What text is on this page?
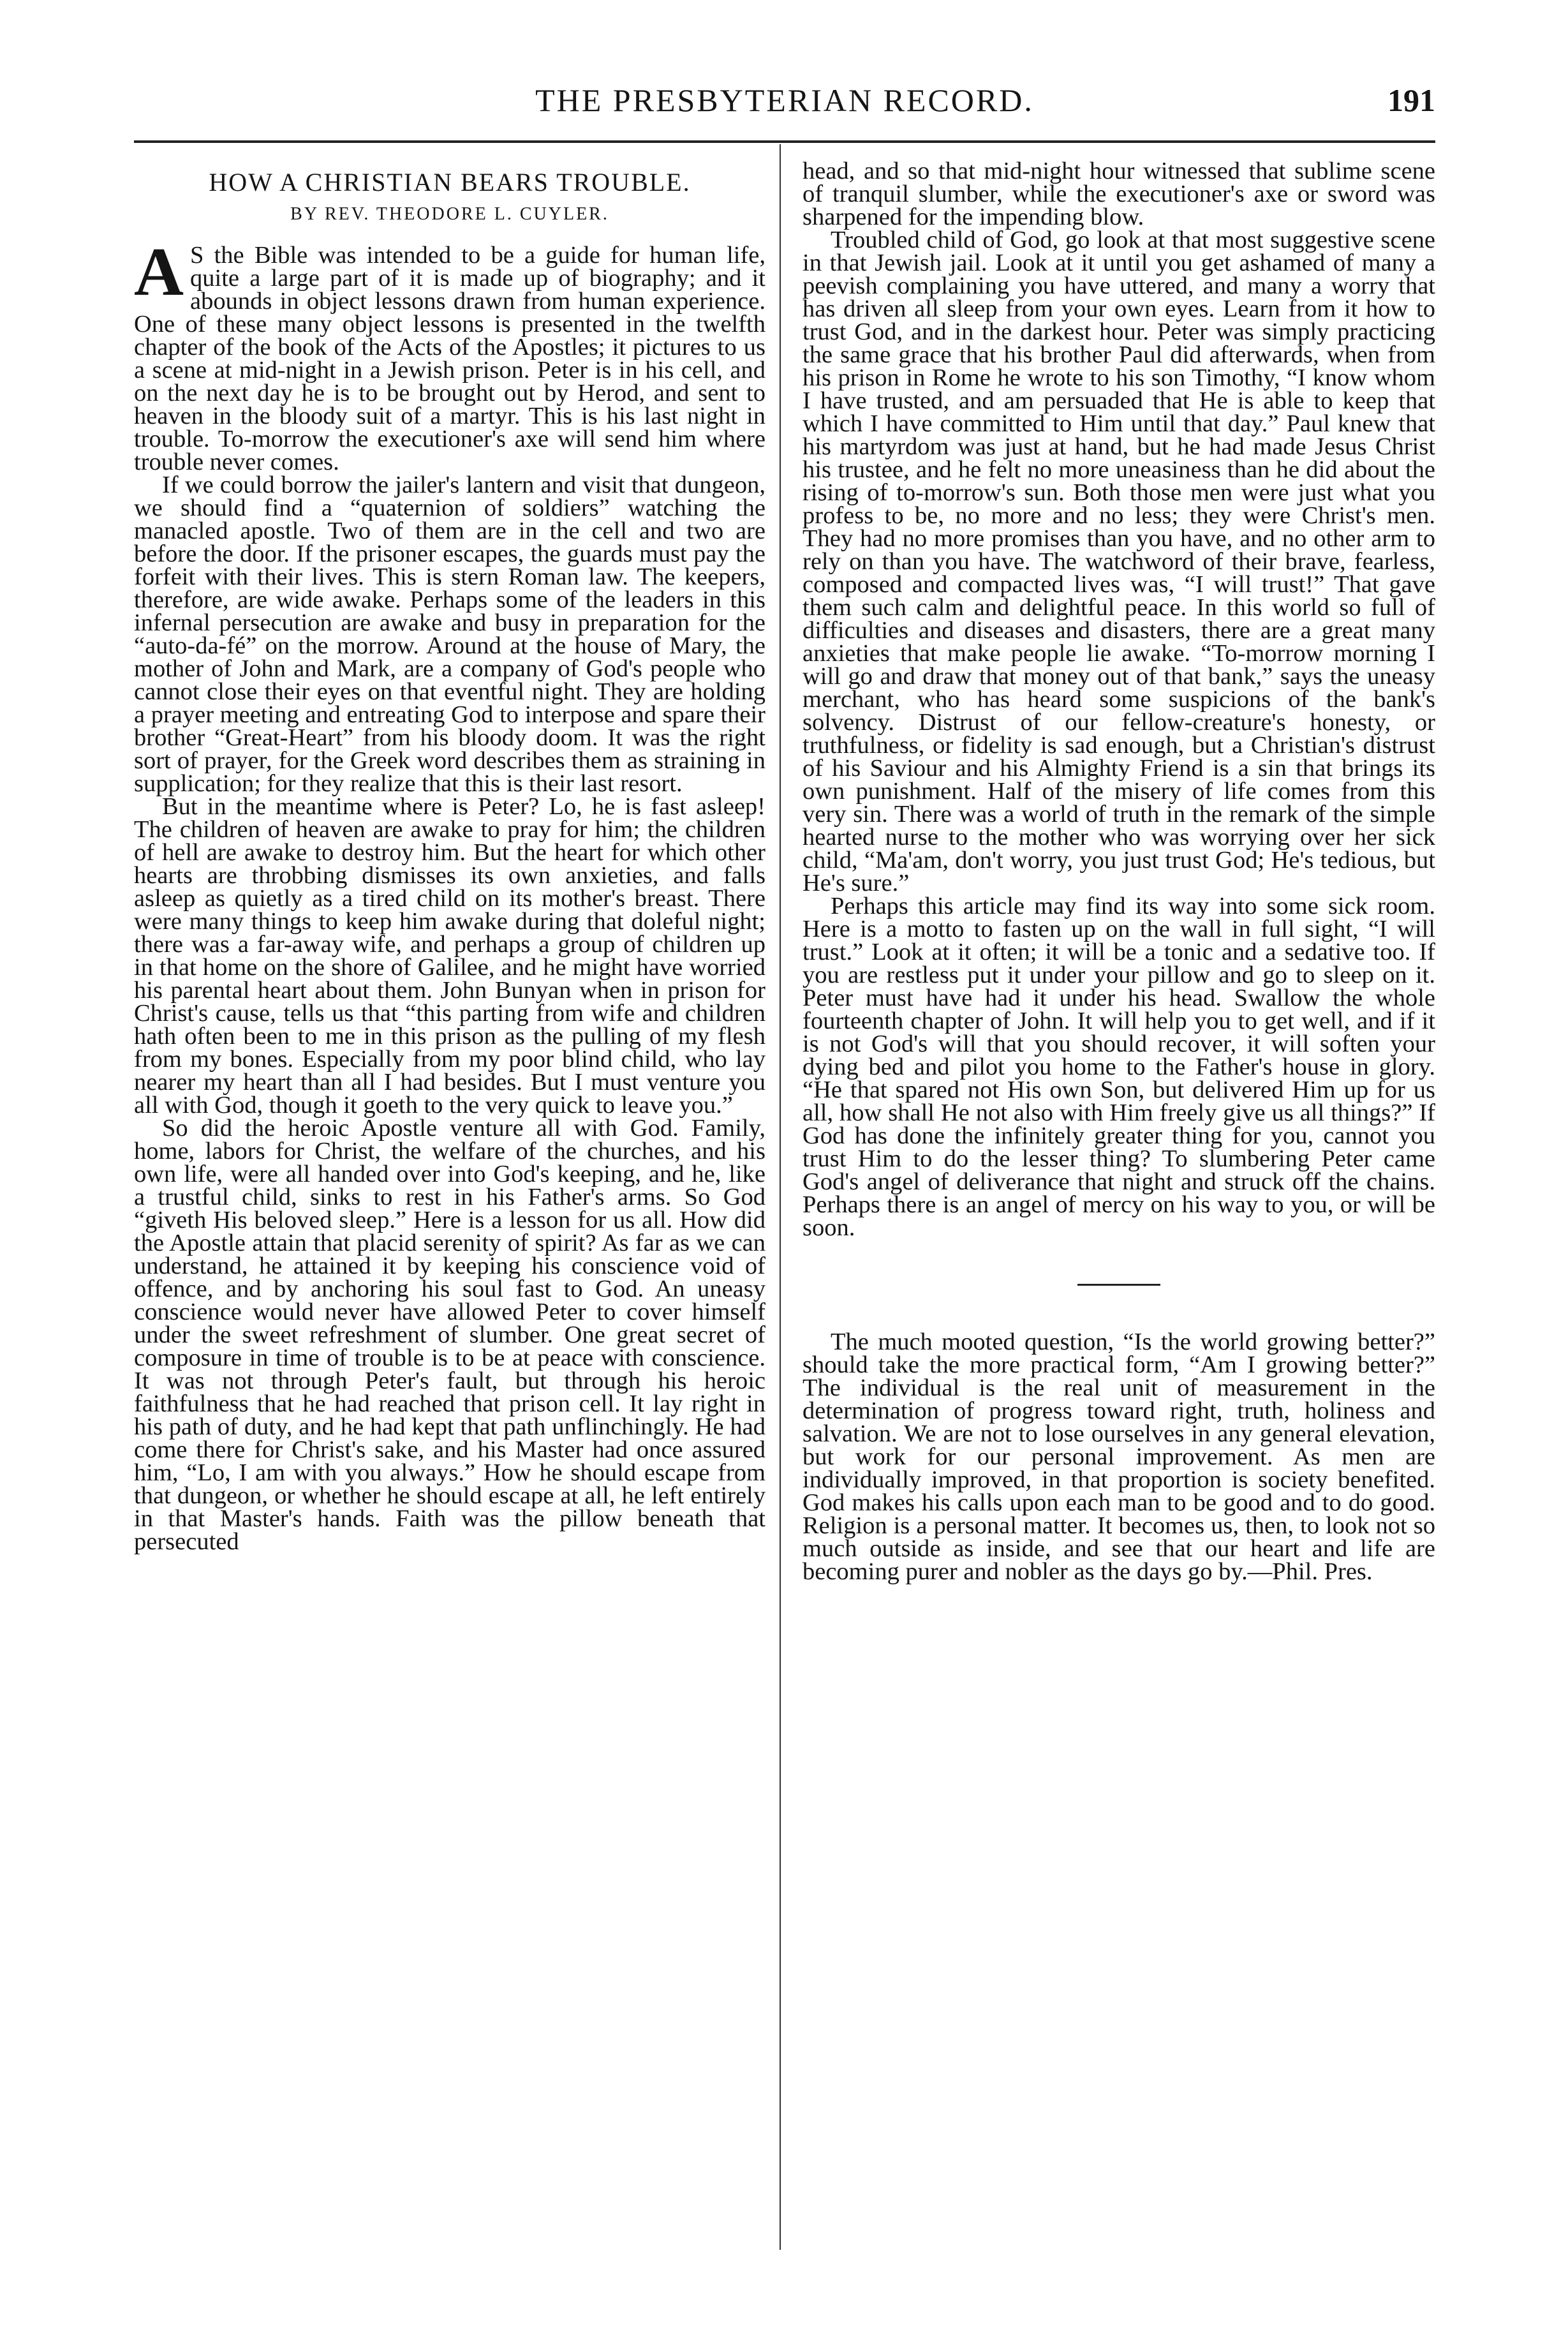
THE PRESBYTERIAN RECORD.	191
HOW A CHRISTIAN BEARS TROUBLE.
BY REV. THEODORE L. CUYLER.

A S the Bible was intended to be a guide for human life, quite a large part of it is made up of biography; and it abounds in object lessons drawn from human experience. One of these many object lessons is presented in the twelfth chapter of the book of the Acts of the Apostles; it pictures to us a scene at mid-night in a Jewish prison. Peter is in his cell, and on the next day he is to be brought out by Herod, and sent to heaven in the bloody suit of a martyr. This is his last night in trouble. To-morrow the executioner's axe will send him where trouble never comes.

If we could borrow the jailer's lantern and visit that dungeon, we should find a “quaternion of soldiers” watching the manacled apostle. Two of them are in the cell and two are before the door. If the prisoner escapes, the guards must pay the forfeit with their lives. This is stern Roman law. The keepers, therefore, are wide awake. Perhaps some of the leaders in this infernal persecution are awake and busy in preparation for the “auto-da-fé” on the morrow. Around at the house of Mary, the mother of John and Mark, are a company of God's people who cannot close their eyes on that eventful night. They are holding a prayer meeting and entreating God to interpose and spare their brother “Great-Heart” from his bloody doom. It was the right sort of prayer, for the Greek word describes them as straining in supplication; for they realize that this is their last resort.

But in the meantime where is Peter? Lo, he is fast asleep! The children of heaven are awake to pray for him; the children of hell are awake to destroy him. But the heart for which other hearts are throbbing dismisses its own anxieties, and falls asleep as quietly as a tired child on its mother's breast. There were many things to keep him awake during that doleful night; there was a far-away wife, and perhaps a group of children up in that home on the shore of Galilee, and he might have worried his parental heart about them. John Bunyan when in prison for Christ's cause, tells us that “this parting from wife and children hath often been to me in this prison as the pulling of my flesh from my bones. Especially from my poor blind child, who lay nearer my heart than all I had besides. But I must venture you all with God, though it goeth to the very quick to leave you.”

So did the heroic Apostle venture all with God. Family, home, labors for Christ, the welfare of the churches, and his own life, were all handed over into God's keeping, and he, like a trustful child, sinks to rest in his Father's arms. So God “giveth His beloved sleep.” Here is a lesson for us all. How did the Apostle attain that placid serenity of spirit? As far as we can understand, he attained it by keeping his conscience void of offence, and by anchoring his soul fast to God. An uneasy conscience would never have allowed Peter to cover himself under the sweet refreshment of slumber. One great secret of composure in time of trouble is to be at peace with conscience. It was not through Peter's fault, but through his heroic faithfulness that he had reached that prison cell. It lay right in his path of duty, and he had kept that path unflinchingly. He had come there for Christ's sake, and his Master had once assured him, “Lo, I am with you always.” How he should escape from that dungeon, or whether he should escape at all, he left entirely in that Master's hands. Faith was the pillow beneath that persecuted

head, and so that mid-night hour witnessed that sublime scene of tranquil slumber, while the executioner's axe or sword was sharpened for the impending blow.

Troubled child of God, go look at that most suggestive scene in that Jewish jail. Look at it until you get ashamed of many a peevish complaining you have uttered, and many a worry that has driven all sleep from your own eyes. Learn from it how to trust God, and in the darkest hour. Peter was simply practicing the same grace that his brother Paul did afterwards, when from his prison in Rome he wrote to his son Timothy, “I know whom I have trusted, and am persuaded that He is able to keep that which I have committed to Him until that day.” Paul knew that his martyrdom was just at hand, but he had made Jesus Christ his trustee, and he felt no more uneasiness than he did about the rising of to-morrow's sun. Both those men were just what you profess to be, no more and no less; they were Christ's men. They had no more promises than you have, and no other arm to rely on than you have. The watchword of their brave, fearless, composed and compacted lives was, “I will trust!” That gave them such calm and delightful peace. In this world so full of difficulties and diseases and disasters, there are a great many anxieties that make people lie awake. “To-morrow morning I will go and draw that money out of that bank,” says the uneasy merchant, who has heard some suspicions of the bank's solvency. Distrust of our fellow-creature's honesty, or truthfulness, or fidelity is sad enough, but a Christian's distrust of his Saviour and his Almighty Friend is a sin that brings its own punishment. Half of the misery of life comes from this very sin. There was a world of truth in the remark of the simple hearted nurse to the mother who was worrying over her sick child, “Ma'am, don't worry, you just trust God; He's tedious, but He's sure.”

Perhaps this article may find its way into some sick room. Here is a motto to fasten up on the wall in full sight, “I will trust.” Look at it often; it will be a tonic and a sedative too. If you are restless put it under your pillow and go to sleep on it. Peter must have had it under his head. Swallow the whole fourteenth chapter of John. It will help you to get well, and if it is not God's will that you should recover, it will soften your dying bed and pilot you home to the Father's house in glory. “He that spared not His own Son, but delivered Him up for us all, how shall He not also with Him freely give us all things?” If God has done the infinitely greater thing for you, cannot you trust Him to do the lesser thing? To slumbering Peter came God's angel of deliverance that night and struck off the chains. Perhaps there is an angel of mercy on his way to you, or will be soon.

The much mooted question, “Is the world growing better?” should take the more practical form, “Am I growing better?” The individual is the real unit of measurement in the determination of progress toward right, truth, holiness and salvation. We are not to lose ourselves in any general elevation, but work for our personal improvement. As men are individually improved, in that proportion is society benefited. God makes his calls upon each man to be good and to do good. Religion is a personal matter. It becomes us, then, to look not so much outside as inside, and see that our heart and life are becoming purer and nobler as the days go by.—Phil. Pres.
